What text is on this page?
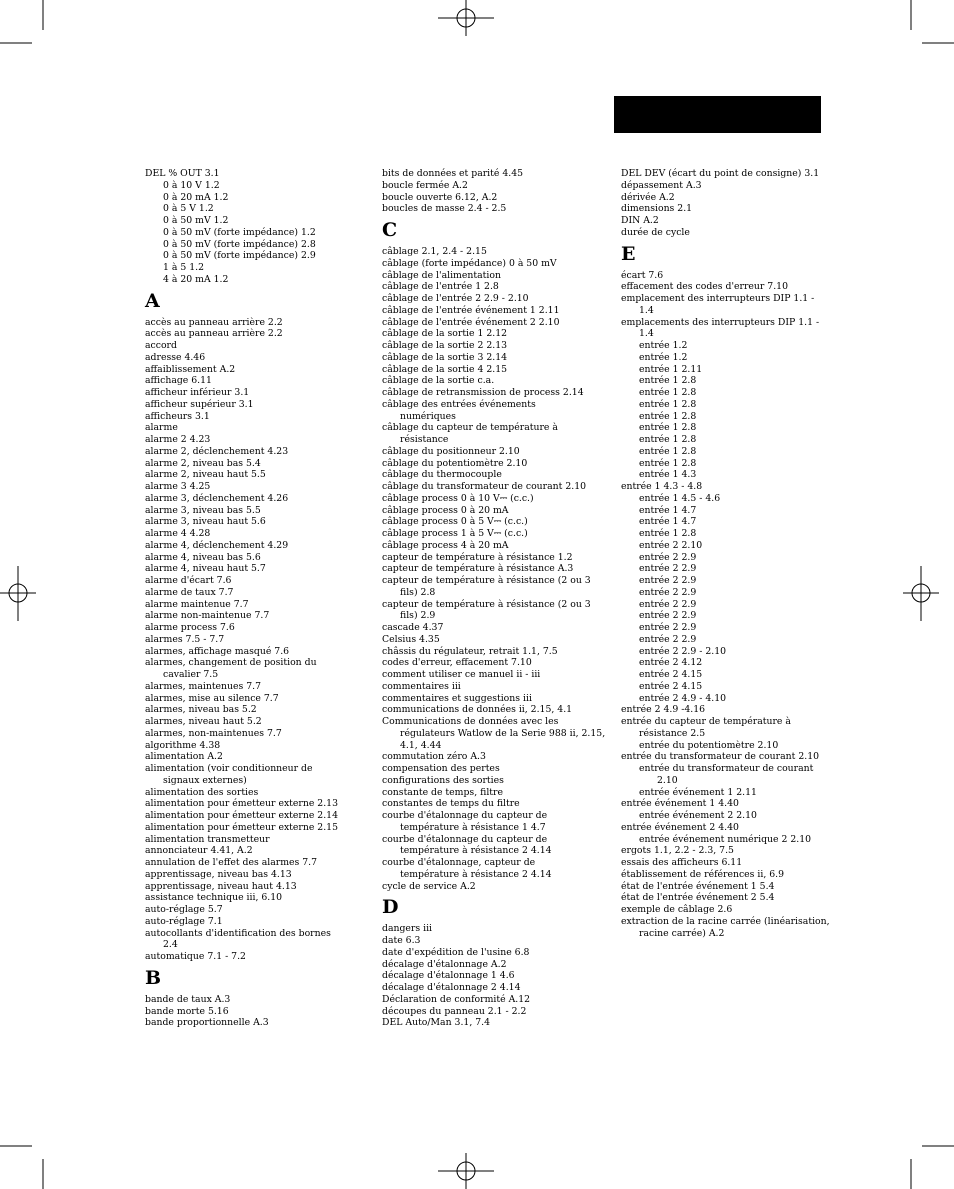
DEL % OUT 3.1
0 à 10 V 1.2
0 à 20 mA 1.2
0 à 5 V 1.2
0 à 50 mV 1.2
0 à 50 mV (forte impédance) 1.2
0 à 50 mV (forte impédance) 2.8
0 à 50 mV (forte impédance) 2.9
1 à 5 1.2
4 à 20 mA 1.2
A
accès au panneau arrière 2.2
accès au panneau arrière 2.2
accord
adresse 4.46
affaiblissement A.2
affichage 6.11
afficheur inférieur 3.1
afficheur supérieur 3.1
afficheurs 3.1
alarme
alarme 2 4.23
alarme 2, déclenchement 4.23
alarme 2, niveau bas 5.4
alarme 2, niveau haut 5.5
alarme 3 4.25
alarme 3, déclenchement 4.26
alarme 3, niveau bas 5.5
alarme 3, niveau haut 5.6
alarme 4 4.28
alarme 4, déclenchement 4.29
alarme 4, niveau bas 5.6
alarme 4, niveau haut 5.7
alarme d'écart 7.6
alarme de taux 7.7
alarme maintenue 7.7
alarme non-maintenue 7.7
alarme process 7.6
alarmes 7.5 - 7.7
alarmes, affichage masqué 7.6
alarmes, changement de position du
cavalier 7.5
alarmes, maintenues 7.7
alarmes, mise au silence 7.7
alarmes, niveau bas 5.2
alarmes, niveau haut 5.2
alarmes, non-maintenues 7.7
algorithme 4.38
alimentation A.2
alimentation (voir conditionneur de
signaux externes)
alimentation des sorties
alimentation pour émetteur externe 2.13
alimentation pour émetteur externe 2.14
alimentation pour émetteur externe 2.15
alimentation transmetteur
annonciateur 4.41, A.2
annulation de l'effet des alarmes 7.7
apprentissage, niveau bas 4.13
apprentissage, niveau haut 4.13
assistance technique iii, 6.10
auto-réglage 5.7
auto-réglage 7.1
autocollants d'identification des bornes
2.4
automatique 7.1 - 7.2
B
bande de taux A.3
bande morte 5.16
bande proportionnelle A.3
bits de données et parité 4.45
boucle fermée A.2
boucle ouverte 6.12, A.2
boucles de masse 2.4 - 2.5
C
câblage 2.1, 2.4 - 2.15
câblage (forte impédance) 0 à 50 mV
câblage de l'alimentation
câblage de l'entrée 1 2.8
câblage de l'entrée 2 2.9 - 2.10
câblage de l'entrée événement 1 2.11
câblage de l'entrée événement 2 2.10
câblage de la sortie 1 2.12
câblage de la sortie 2 2.13
câblage de la sortie 3 2.14
câblage de la sortie 4 2.15
câblage de la sortie c.a.
câblage de retransmission de process 2.14
câblage des entrées événements
numériques
câblage du capteur de température à
résistance
câblage du positionneur 2.10
câblage du potentiomètre 2.10
câblage du thermocouple
câblage du transformateur de courant 2.10
câblage process 0 à 10 V⎓ (c.c.)
câblage process 0 à 20 mA
câblage process 0 à 5 V⎓ (c.c.)
câblage process 1 à 5 V⎓ (c.c.)
câblage process 4 à 20 mA
capteur de température à résistance 1.2
capteur de température à résistance A.3
capteur de température à résistance (2 ou 3
fils) 2.8
capteur de température à résistance (2 ou 3
fils) 2.9
cascade 4.37
Celsius 4.35
châssis du régulateur, retrait 1.1, 7.5
codes d'erreur, effacement 7.10
comment utiliser ce manuel ii - iii
commentaires iii
commentaires et suggestions iii
communications de données ii, 2.15, 4.1
Communications de données avec les
régulateurs Watlow de la Serie 988 ii, 2.15, 4.1, 4.44
commutation zéro A.3
compensation des pertes
configurations des sorties
constante de temps, filtre
constantes de temps du filtre
courbe d'étalonnage du capteur de
température à résistance 1 4.7
courbe d'étalonnage du capteur de
température à résistance 2 4.14
courbe d'étalonnage, capteur de
température à résistance 2 4.14
cycle de service A.2
D
dangers iii
date 6.3
date d'expédition de l'usine 6.8
décalage d'étalonnage A.2
décalage d'étalonnage 1 4.6
décalage d'étalonnage 2 4.14
Déclaration de conformité A.12
découpes du panneau 2.1 - 2.2
DEL Auto/Man 3.1, 7.4
DEL DEV (écart du point de consigne) 3.1
dépassement A.3
dérivée A.2
dimensions 2.1
DIN A.2
durée de cycle
E
écart 7.6
effacement des codes d'erreur 7.10
emplacement des interrupteurs DIP 1.1 -
1.4
emplacements des interrupteurs DIP 1.1 -
1.4
entrée 1.2
entrée 1.2
entrée 1 2.11
entrée 1 2.8
entrée 1 2.8
entrée 1 2.8
entrée 1 2.8
entrée 1 2.8
entrée 1 2.8
entrée 1 2.8
entrée 1 2.8
entrée 1 4.3
entrée 1 4.3 - 4.8
entrée 1 4.5 - 4.6
entrée 1 4.7
entrée 1 4.7
entrée 1 2.8
entrée 2 2.10
entrée 2 2.9
entrée 2 2.9
entrée 2 2.9
entrée 2 2.9
entrée 2 2.9
entrée 2 2.9
entrée 2 2.9
entrée 2 2.9
entrée 2 2.9 - 2.10
entrée 2 4.12
entrée 2 4.15
entrée 2 4.15
entrée 2 4.9 - 4.10
entrée 2 4.9 -4.16
entrée du capteur de température à
résistance 2.5
entrée du potentiomètre 2.10
entrée du transformateur de courant 2.10
entrée du transformateur de courant
2.10
entrée événement 1 2.11
entrée événement 1 4.40
entrée événement 2 2.10
entrée événement 2 4.40
entrée événement numérique 2 2.10
ergots 1.1, 2.2 - 2.3, 7.5
essais des afficheurs 6.11
établissement de références ii, 6.9
état de l'entrée événement 1 5.4
état de l'entrée événement 2 5.4
exemple de câblage 2.6
extraction de la racine carrée (linéarisation,
racine carrée) A.2
